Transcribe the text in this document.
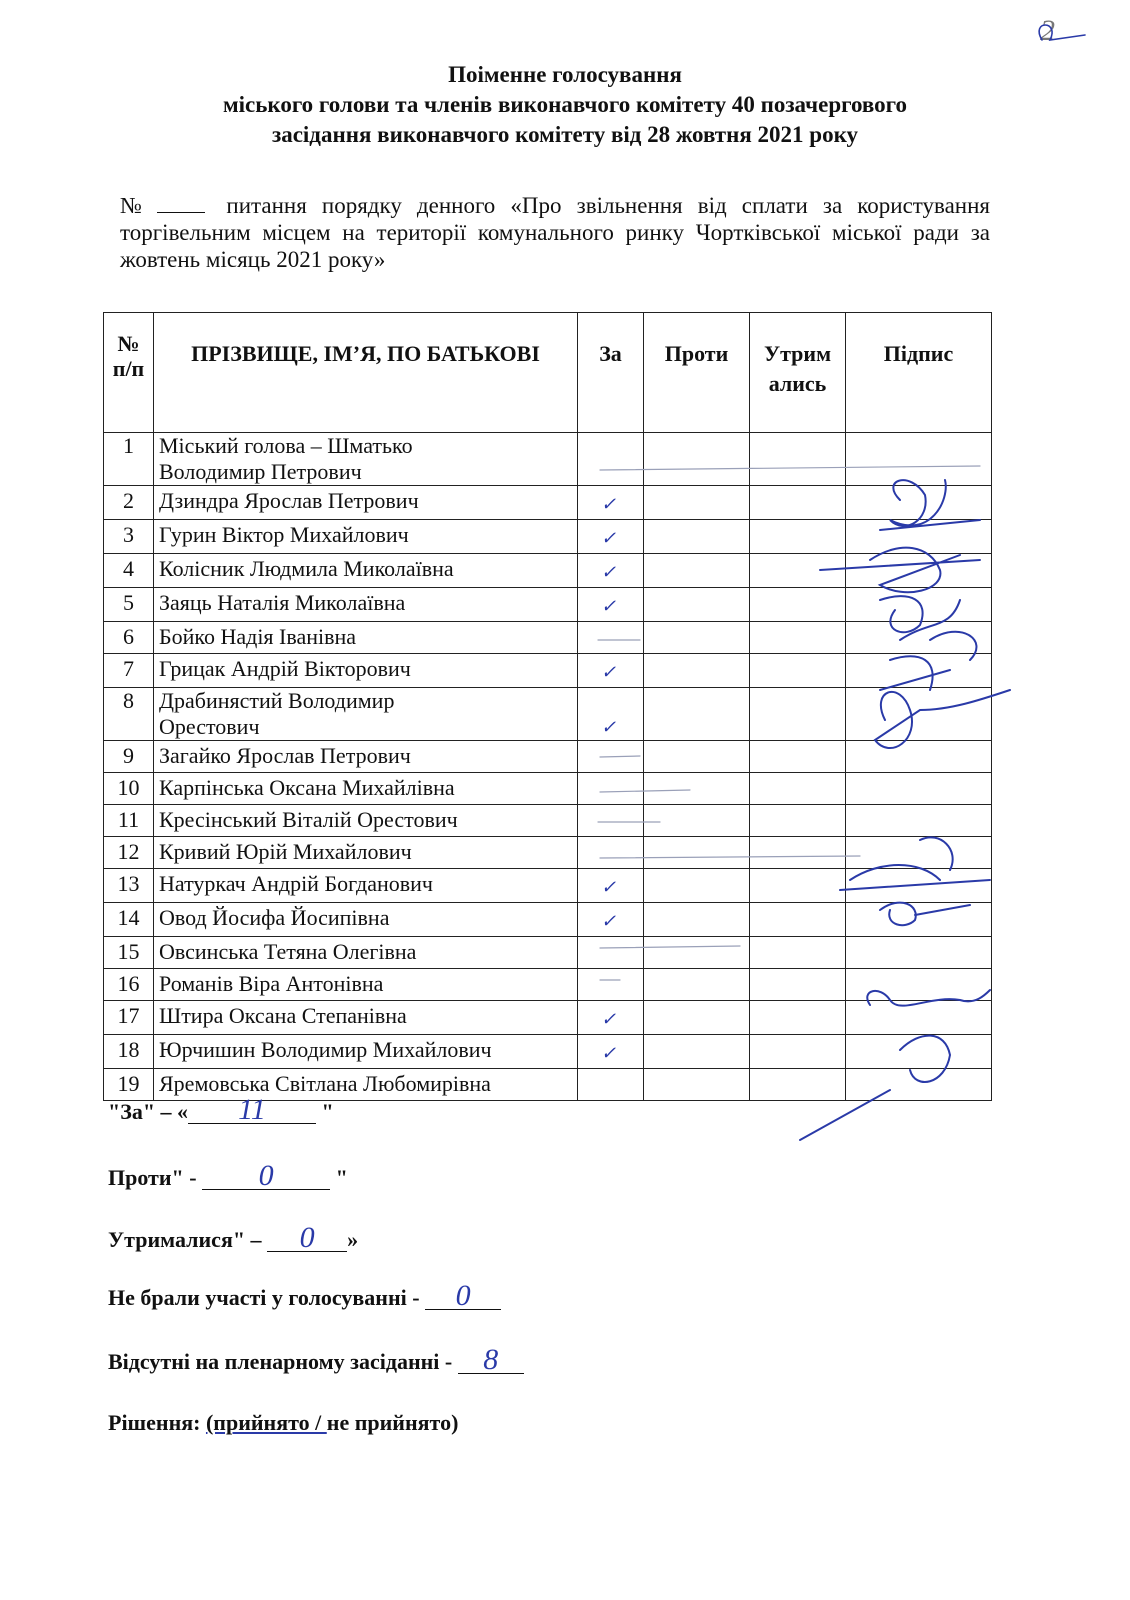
2
Поіменне голосування
міського голови та членів виконавчого комітету 40 позачергового
засідання виконавчого комітету від 28 жовтня 2021 року
№	питання порядку денного «Про звільнення від сплати за користування торгівельним місцем на території комунального ринку Чортківської міської ради за жовтень місяць 2021 року»
№ п/п	ПРІЗВИЩЕ, ІМ’Я, ПО БАТЬКОВІ	За	Проти	Утрим ались	Підпис
1	Міський голова – Шматько
Володимир Петрович				

2	Дзиндра Ярослав Петрович	✓			
3	Гурин Віктор Михайлович	✓			
4	Колісник Людмила Миколаївна	✓			
5	Заяць Наталія Миколаївна	✓			
6	Бойко Надія Іванівна				
7	Грицак Андрій Вікторович	✓			
8	Драбинястий Володимир
Орестович	✓			
9	Загайко Ярослав Петрович				
10	Карпінська Оксана Михайлівна				
11	Кресінський Віталій Орестович				
12	Кривий Юрій Михайлович				
13	Натуркач Андрій Богданович	✓			
14	Овод Йосифа Йосипівна	✓			
15	Овсинська Тетяна Олегівна				
16	Романів Віра Антонівна				
17	Штира Оксана Степанівна	✓			
18	Юрчишин Володимир Михайлович	✓			
19	Яремовська Світлана Любомирівна				
"За" – « 11 "
Проти" - 0	"
Утрималися" – 0 »
Не брали участі у голосуванні - 0
Відсутні на пленарному засіданні - 8
Рішення: (прийнято / не прийнято)
